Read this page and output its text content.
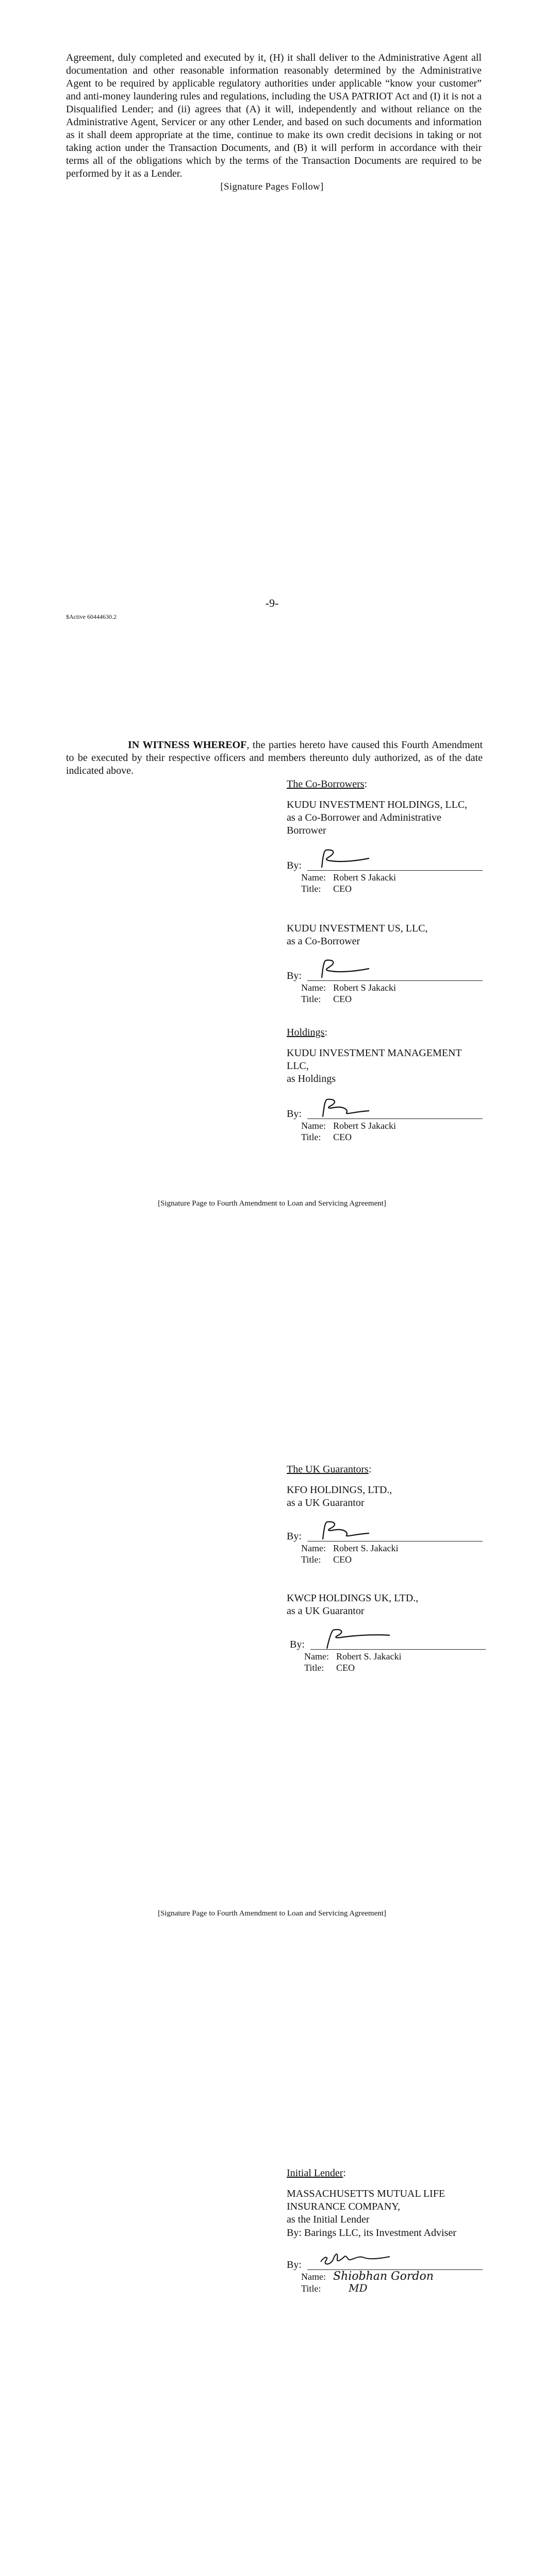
Agreement, duly completed and executed by it, (H) it shall deliver to the Administrative Agent all documentation and other reasonable information reasonably determined by the Administrative Agent to be required by applicable regulatory authorities under applicable “know your customer” and anti-money laundering rules and regulations, including the USA PATRIOT Act and (I) it is not a Disqualified Lender; and (ii) agrees that (A) it will, independently and without reliance on the Administrative Agent, Servicer or any other Lender, and based on such documents and information as it shall deem appropriate at the time, continue to make its own credit decisions in taking or not taking action under the Transaction Documents, and (B) it will perform in accordance with their terms all of the obligations which by the terms of the Transaction Documents are required to be performed by it as a Lender.

[Signature Pages Follow]

-9-

$Active 60444630.2

IN WITNESS WHEREOF, the parties hereto have caused this Fourth Amendment to be executed by their respective officers and members thereunto duly authorized, as of the date indicated above.

The Co-Borrowers:

KUDU INVESTMENT HOLDINGS, LLC,
as a Co-Borrower and Administrative Borrower

By:
Name: Robert S Jakacki
Title: CEO

KUDU INVESTMENT US, LLC,
as a Co-Borrower

By:
Name: Robert S Jakacki
Title: CEO

Holdings:

KUDU INVESTMENT MANAGEMENT LLC,
as Holdings

By:
Name: Robert S Jakacki
Title: CEO

[Signature Page to Fourth Amendment to Loan and Servicing Agreement]

The UK Guarantors:

KFO HOLDINGS, LTD.,
as a UK Guarantor

By:
Name: Robert S. Jakacki
Title: CEO

KWCP HOLDINGS UK, LTD.,
as a UK Guarantor

By:
Name: Robert S. Jakacki
Title: CEO

[Signature Page to Fourth Amendment to Loan and Servicing Agreement]

Initial Lender:

MASSACHUSETTS MUTUAL LIFE INSURANCE COMPANY,
as the Initial Lender

By: Barings LLC, its Investment Adviser

By:
Name: Shiobhan Gordon
Title:	MD
